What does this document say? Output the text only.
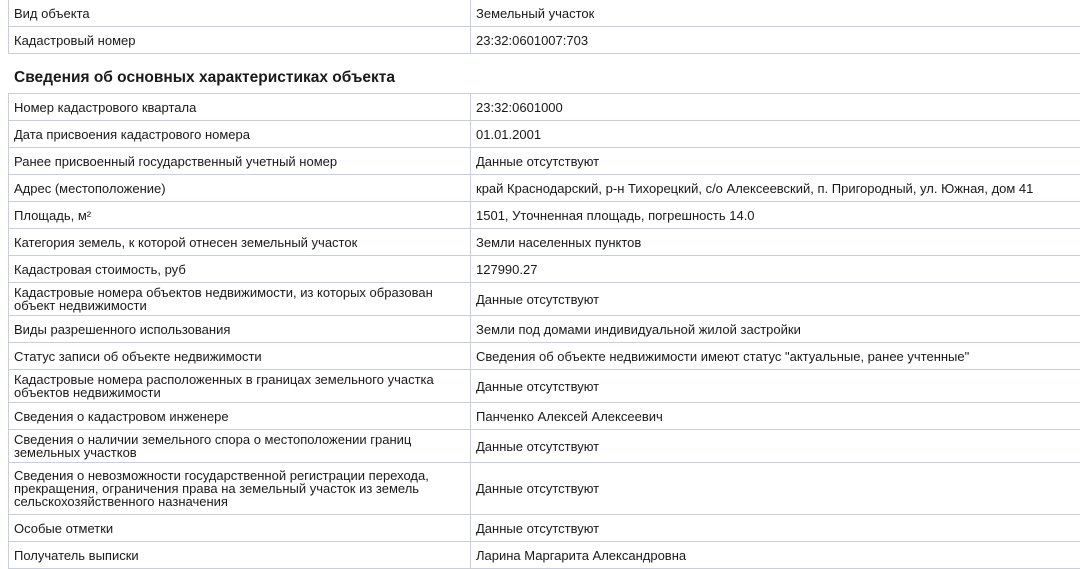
Вид объекта	Земельный участок
Кадастровый номер	23:32:0601007:703
Сведения об основных характеристиках объекта
Номер кадастрового квартала	23:32:0601000
Дата присвоения кадастрового номера	01.01.2001
Ранее присвоенный государственный учетный номер	Данные отсутствуют
Адрес (местоположение)	край Краснодарский, р-н Тихорецкий, с/о Алексеевский, п. Пригородный, ул. Южная, дом 41
Площадь, м²	1501, Уточненная площадь, погрешность 14.0
Категория земель, к которой отнесен земельный участок	Земли населенных пунктов
Кадастровая стоимость, руб	127990.27
Кадастровые номера объектов недвижимости, из которых образован объект недвижимости	Данные отсутствуют
Виды разрешенного использования	Земли под домами индивидуальной жилой застройки
Статус записи об объекте недвижимости	Сведения об объекте недвижимости имеют статус "актуальные, ранее учтенные"
Кадастровые номера расположенных в границах земельного участка объектов недвижимости	Данные отсутствуют
Сведения о кадастровом инженере	Панченко Алексей Алексеевич
Сведения о наличии земельного спора о местоположении границ земельных участков	Данные отсутствуют
Сведения о невозможности государственной регистрации перехода, прекращения, ограничения права на земельный участок из земель сельскохозяйственного назначения	Данные отсутствуют
Особые отметки	Данные отсутствуют
Получатель выписки	Ларина Маргарита Александровна
